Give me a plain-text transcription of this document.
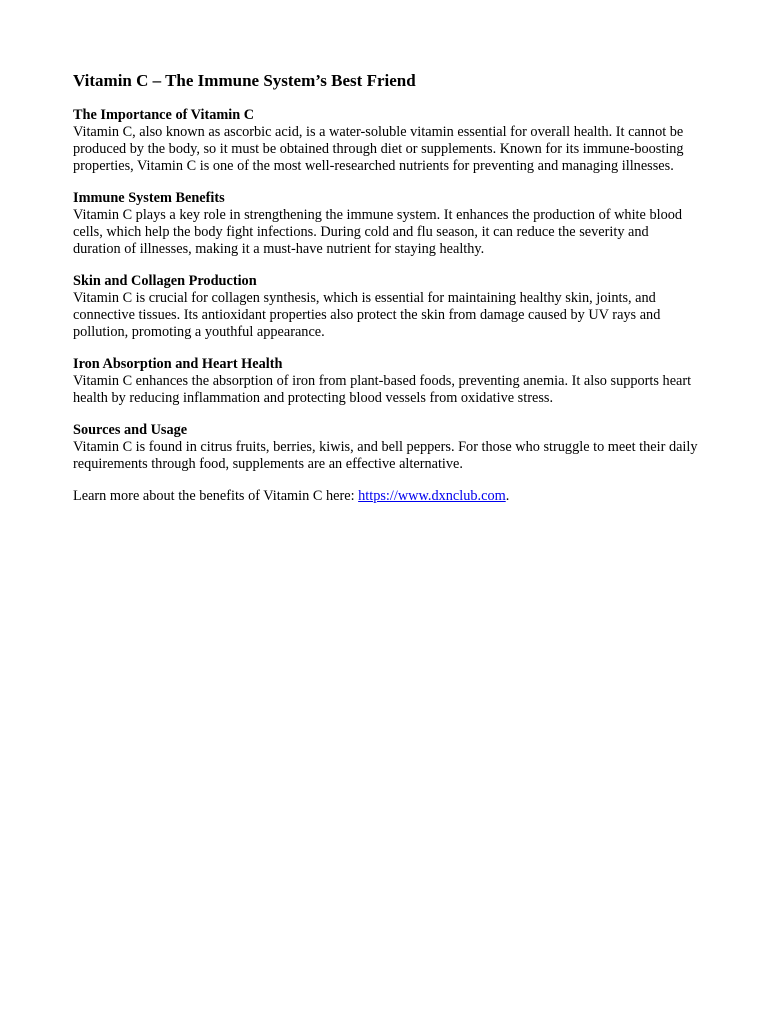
Vitamin C – The Immune System’s Best Friend

The Importance of Vitamin C

Vitamin C, also known as ascorbic acid, is a water-soluble vitamin essential for overall health. It cannot be produced by the body, so it must be obtained through diet or supplements. Known for its immune-boosting properties, Vitamin C is one of the most well-researched nutrients for preventing and managing illnesses.

Immune System Benefits

Vitamin C plays a key role in strengthening the immune system. It enhances the production of white blood cells, which help the body fight infections. During cold and flu season, it can reduce the severity and duration of illnesses, making it a must-have nutrient for staying healthy.

Skin and Collagen Production

Vitamin C is crucial for collagen synthesis, which is essential for maintaining healthy skin, joints, and connective tissues. Its antioxidant properties also protect the skin from damage caused by UV rays and pollution, promoting a youthful appearance.

Iron Absorption and Heart Health

Vitamin C enhances the absorption of iron from plant-based foods, preventing anemia. It also supports heart health by reducing inflammation and protecting blood vessels from oxidative stress.

Sources and Usage

Vitamin C is found in citrus fruits, berries, kiwis, and bell peppers. For those who struggle to meet their daily requirements through food, supplements are an effective alternative.

Learn more about the benefits of Vitamin C here: https://www.dxnclub.com.
